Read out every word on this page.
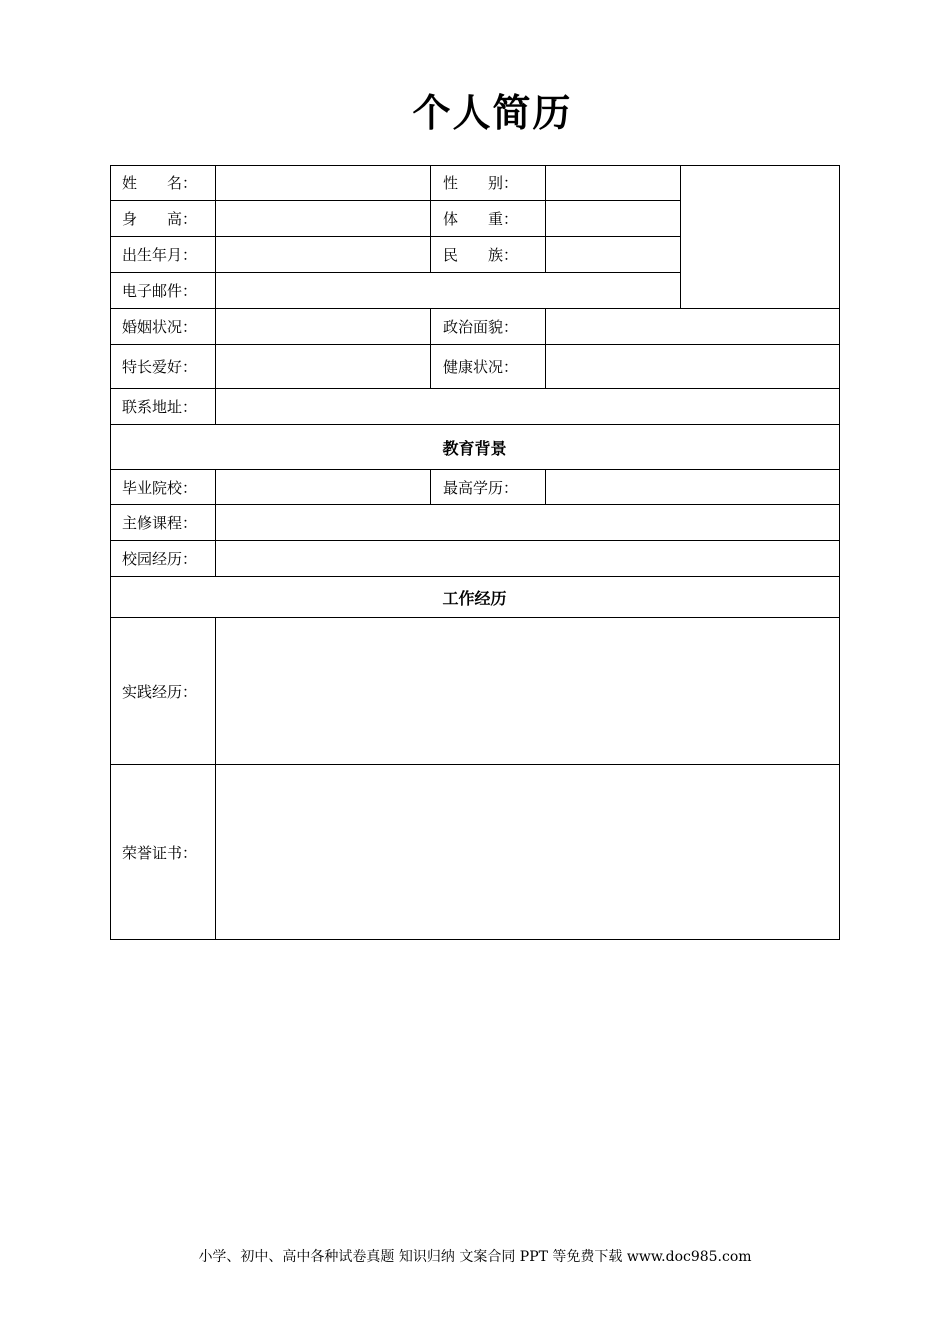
个人简历
姓　　名：	性　　别：
身　　高：	体　　重：
出生年月：	民　　族：
电子邮件：
婚姻状况：	政治面貌：
特长爱好：	健康状况：
联系地址：
教育背景
毕业院校：	最高学历：
主修课程：
校园经历：
工作经历
实践经历：
荣誉证书：
小学、初中、高中各种试卷真题 知识归纳 文案合同 PPT 等免费下载 www.doc985.com
